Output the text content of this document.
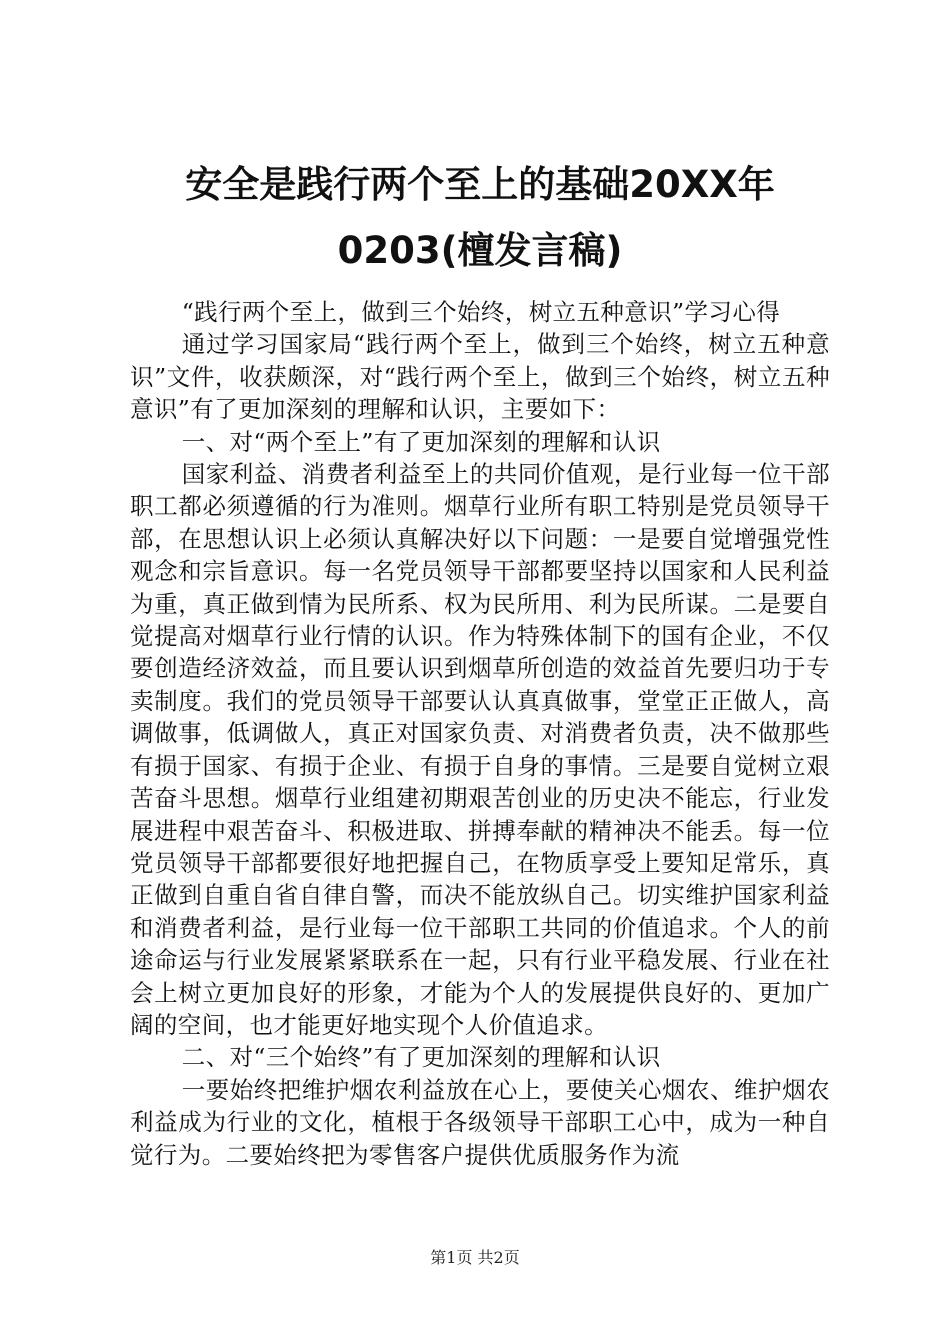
安全是践行两个至上的基础20XX年0203(檀发言稿)

“践行两个至上，做到三个始终，树立五种意识”学习心得

通过学习国家局“践行两个至上，做到三个始终，树立五种意识”文件，收获颇深，对“践行两个至上，做到三个始终，树立五种意识”有了更加深刻的理解和认识，主要如下：

一、对“两个至上”有了更加深刻的理解和认识

国家利益、消费者利益至上的共同价值观，是行业每一位干部职工都必须遵循的行为准则。烟草行业所有职工特别是党员领导干部，在思想认识上必须认真解决好以下问题：一是要自觉增强党性观念和宗旨意识。每一名党员领导干部都要坚持以国家和人民利益为重，真正做到情为民所系、权为民所用、利为民所谋。二是要自觉提高对烟草行业行情的认识。作为特殊体制下的国有企业，不仅要创造经济效益，而且要认识到烟草所创造的效益首先要归功于专卖制度。我们的党员领导干部要认认真真做事，堂堂正正做人，高调做事，低调做人，真正对国家负责、对消费者负责，决不做那些有损于国家、有损于企业、有损于自身的事情。三是要自觉树立艰苦奋斗思想。烟草行业组建初期艰苦创业的历史决不能忘，行业发展进程中艰苦奋斗、积极进取、拼搏奉献的精神决不能丢。每一位党员领导干部都要很好地把握自己，在物质享受上要知足常乐，真正做到自重自省自律自警，而决不能放纵自己。切实维护国家利益和消费者利益，是行业每一位干部职工共同的价值追求。个人的前途命运与行业发展紧紧联系在一起，只有行业平稳发展、行业在社会上树立更加良好的形象，才能为个人的发展提供良好的、更加广阔的空间，也才能更好地实现个人价值追求。

二、对“三个始终”有了更加深刻的理解和认识

一要始终把维护烟农利益放在心上，要使关心烟农、维护烟农利益成为行业的文化，植根于各级领导干部职工心中，成为一种自觉行为。二要始终把为零售客户提供优质服务作为流

第1页 共2页
